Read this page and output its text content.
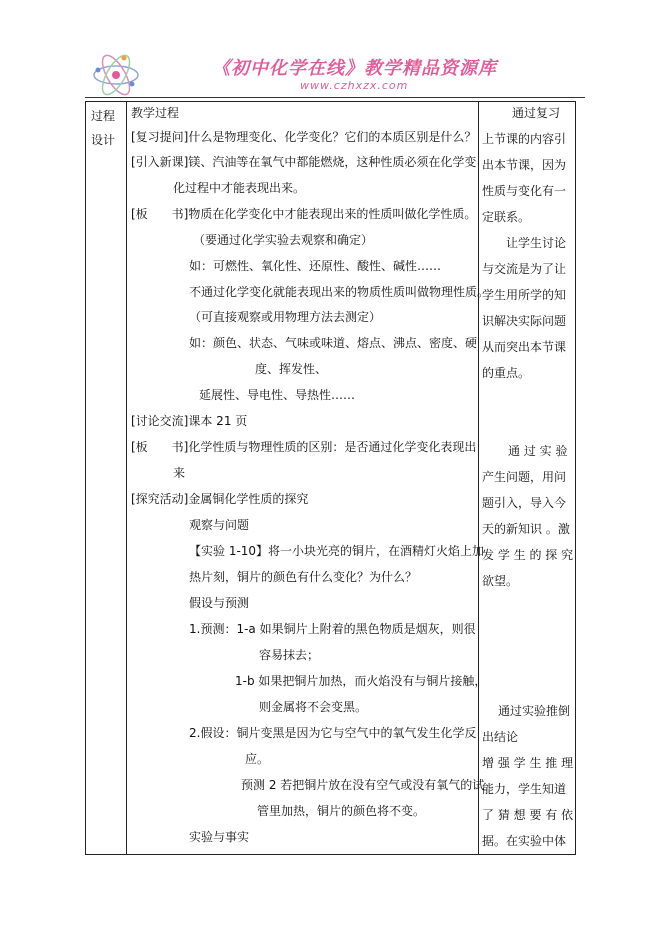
《初中化学在线》教学精品资源库
www.czhxzx.com
过程
设计
教学过程
[复习提问]什么是物理变化、化学变化？它们的本质区别是什么？
[引入新课]镁、汽油等在氧气中都能燃烧，这种性质必须在化学变
化过程中才能表现出来。
[板　　书]物质在化学变化中才能表现出来的性质叫做化学性质。
（要通过化学实验去观察和确定）
如：可燃性、氧化性、还原性、酸性、碱性……
不通过化学变化就能表现出来的物质性质叫做物理性质。
（可直接观察或用物理方法去测定）
如：颜色、状态、气味或味道、熔点、沸点、密度、硬
度、挥发性、
延展性、导电性、导热性……
[讨论交流]课本 21 页
[板　　书]化学性质与物理性质的区别：是否通过化学变化表现出
来
[探究活动]金属铜化学性质的探究
观察与问题
【实验 1-10】将一小块光亮的铜片，在酒精灯火焰上加
热片刻，铜片的颜色有什么变化？为什么？
假设与预测
1.预测：1-a 如果铜片上附着的黑色物质是烟灰，则很
容易抹去；
1-b 如果把铜片加热，而火焰没有与铜片接触，
则金属将不会变黑。
2.假设：铜片变黑是因为它与空气中的氧气发生化学反
应。
预测 2 若把铜片放在没有空气或没有氧气的试
管里加热，铜片的颜色将不变。
实验与事实
通过复习
上节课的内容引
出本节课，因为
性质与变化有一
定联系。
让学生讨论
与交流是为了让
学生用所学的知
识解决实际问题
从而突出本节课
的重点。
通 过 实 验
产生问题，用问
题引入，导入今
天的新知识 。激
发 学 生 的 探 究
欲望。
通过实验推倒
出结论
增 强 学 生 推 理
能力，学生知道
了 猜 想 要 有 依
据。在实验中体
